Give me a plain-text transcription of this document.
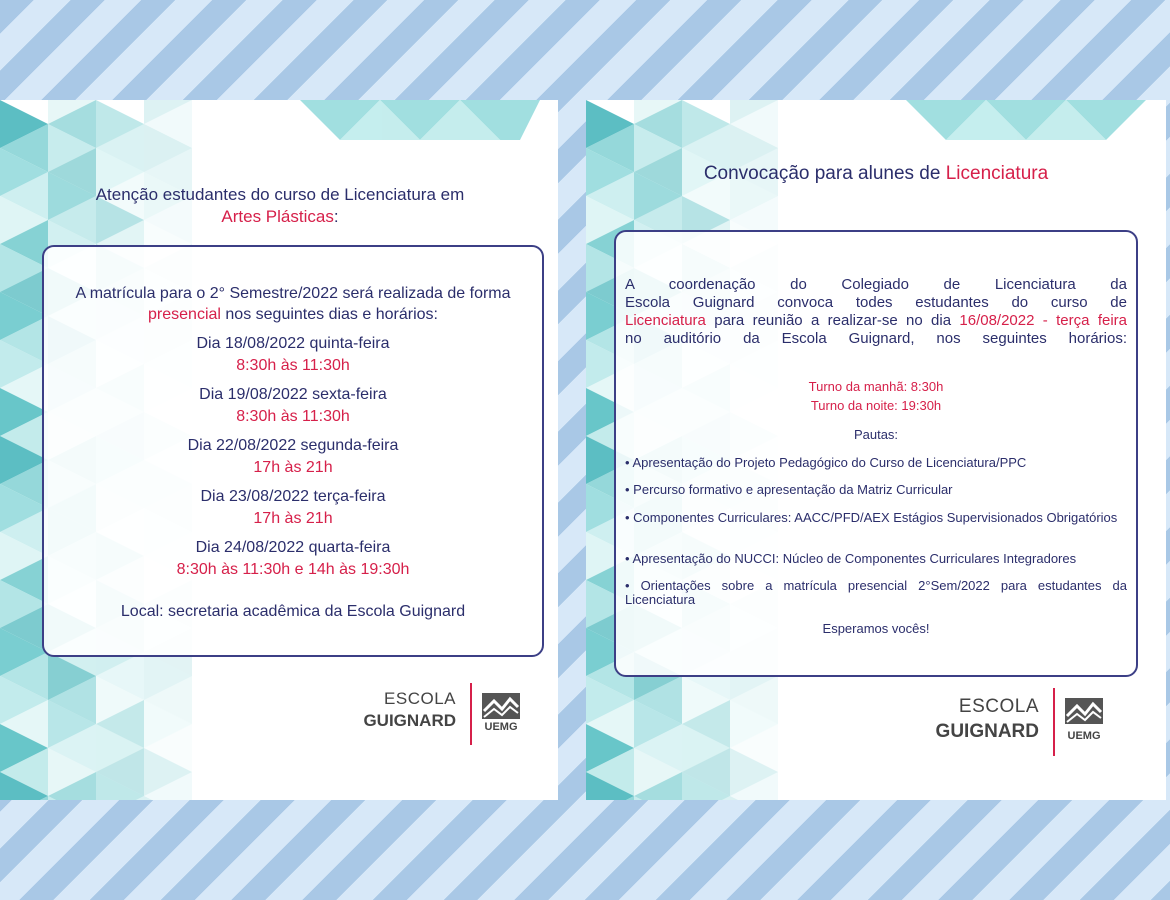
Atenção estudantes do curso de Licenciatura em
Artes Plásticas:
A matrícula para o 2° Semestre/2022 será realizada de forma presencial nos seguintes dias e horários:
Dia 18/08/2022 quinta-feira
8:30h às 11:30h
Dia 19/08/2022 sexta-feira
8:30h às 11:30h
Dia 22/08/2022 segunda-feira
17h às 21h
Dia 23/08/2022 terça-feira
17h às 21h
Dia 24/08/2022 quarta-feira
8:30h às 11:30h e 14h às 19:30h
Local: secretaria acadêmica da Escola Guignard
ESCOLA
GUIGNARD	UEMG
Convocação para alunes de Licenciatura
A coordenação do Colegiado de Licenciatura da
Escola Guignard convoca todes estudantes do curso de
Licenciatura para reunião a realizar-se no dia 16/08/2022 - terça feira
no auditório da Escola Guignard, nos seguintes horários:
Turno da manhã: 8:30h
Turno da noite: 19:30h
Pautas:
• Apresentação do Projeto Pedagógico do Curso de Licenciatura/PPC
• Percurso formativo e apresentação da Matriz Curricular
• Componentes Curriculares: AACC/PFD/AEX Estágios Supervisionados Obrigatórios
• Apresentação do NUCCI: Núcleo de Componentes Curriculares Integradores
• Orientações sobre a matrícula presencial 2°Sem/2022 para estudantes da Licenciatura
Esperamos vocês!
ESCOLA
GUIGNARD	UEMG
